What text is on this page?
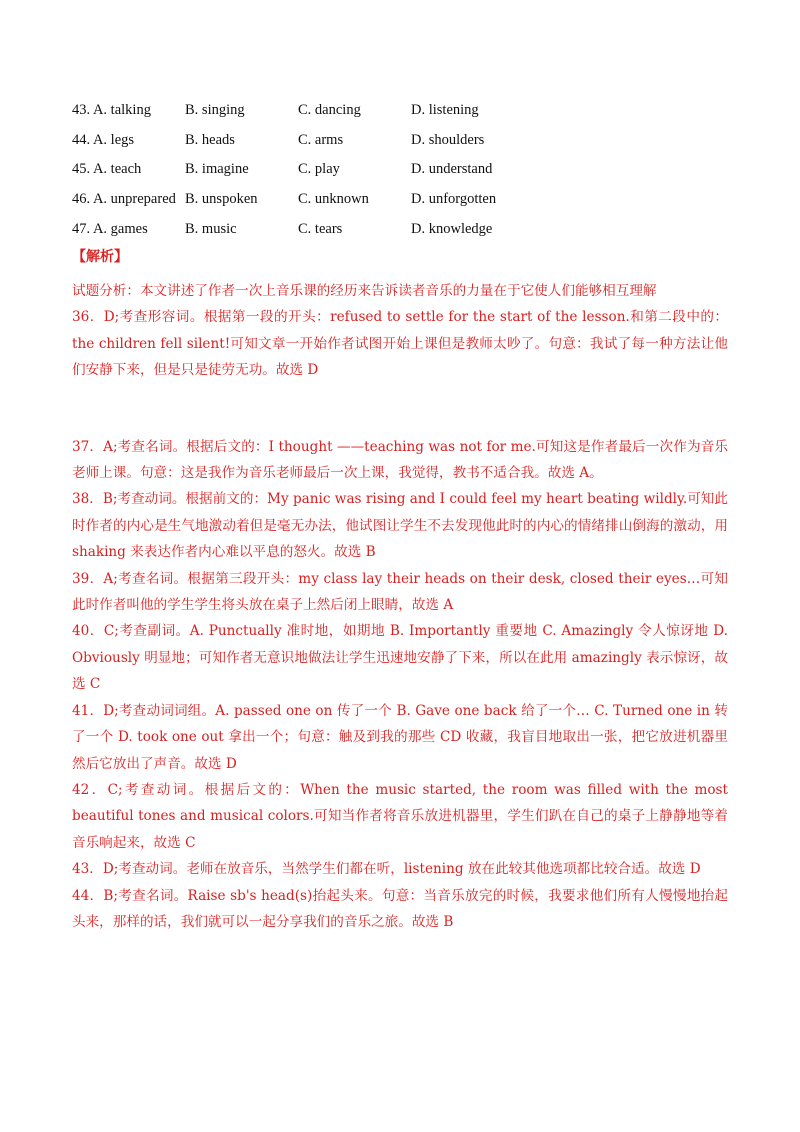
43. A. talking	B. singing	C. dancing	D. listening
44. A. legs	B. heads	C. arms	D. shoulders
45. A. teach	B. imagine	C. play	D. understand
46. A. unprepared B. unspoken	C. unknown	D. unforgotten
47. A. games	B. music	C. tears	D. knowledge
【解析】

试题分析：本文讲述了作者一次上音乐课的经历来告诉读者音乐的力量在于它使人们能够相互理解

36．D;考查形容词。根据第一段的开头：refused to settle for the start of the lesson.和第二段中的：the children fell silent!可知文章一开始作者试图开始上课但是教师太吵了。句意：我试了每一种方法让他们安静下来，但是只是徒劳无功。故选 D

37．A;考查名词。根据后文的：I thought ——teaching was not for me.可知这是作者最后一次作为音乐老师上课。句意：这是我作为音乐老师最后一次上课，我觉得，教书不适合我。故选 A。

38．B;考查动词。根据前文的：My panic was rising and I could feel my heart beating wildly.可知此时作者的内心是生气地激动着但是毫无办法，他试图让学生不去发现他此时的内心的情绪排山倒海的激动，用 shaking 来表达作者内心难以平息的怒火。故选 B

39．A;考查名词。根据第三段开头：my class lay their heads on their desk, closed their eyes…可知此时作者叫他的学生学生将头放在桌子上然后闭上眼睛，故选 A

40．C;考查副词。A. Punctually 准时地，如期地 B. Importantly 重要地 C. Amazingly 令人惊讶地 D. Obviously 明显地；可知作者无意识地做法让学生迅速地安静了下来，所以在此用 amazingly 表示惊讶，故选 C

41．D;考查动词词组。A. passed one on 传了一个 B. Gave one back 给了一个… C. Turned one in 转了一个 D. took one out 拿出一个；句意：触及到我的那些 CD 收藏，我盲目地取出一张，把它放进机器里然后它放出了声音。故选 D

42．C;考查动词。根据后文的：When the music started, the room was filled with the most beautiful tones and musical colors.可知当作者将音乐放进机器里，学生们趴在自己的桌子上静静地等着音乐响起来，故选 C

43．D;考查动词。老师在放音乐，当然学生们都在听，listening 放在此较其他选项都比较合适。故选 D

44．B;考查名词。Raise sb's head(s)抬起头来。句意：当音乐放完的时候，我要求他们所有人慢慢地抬起头来，那样的话，我们就可以一起分享我们的音乐之旅。故选 B
